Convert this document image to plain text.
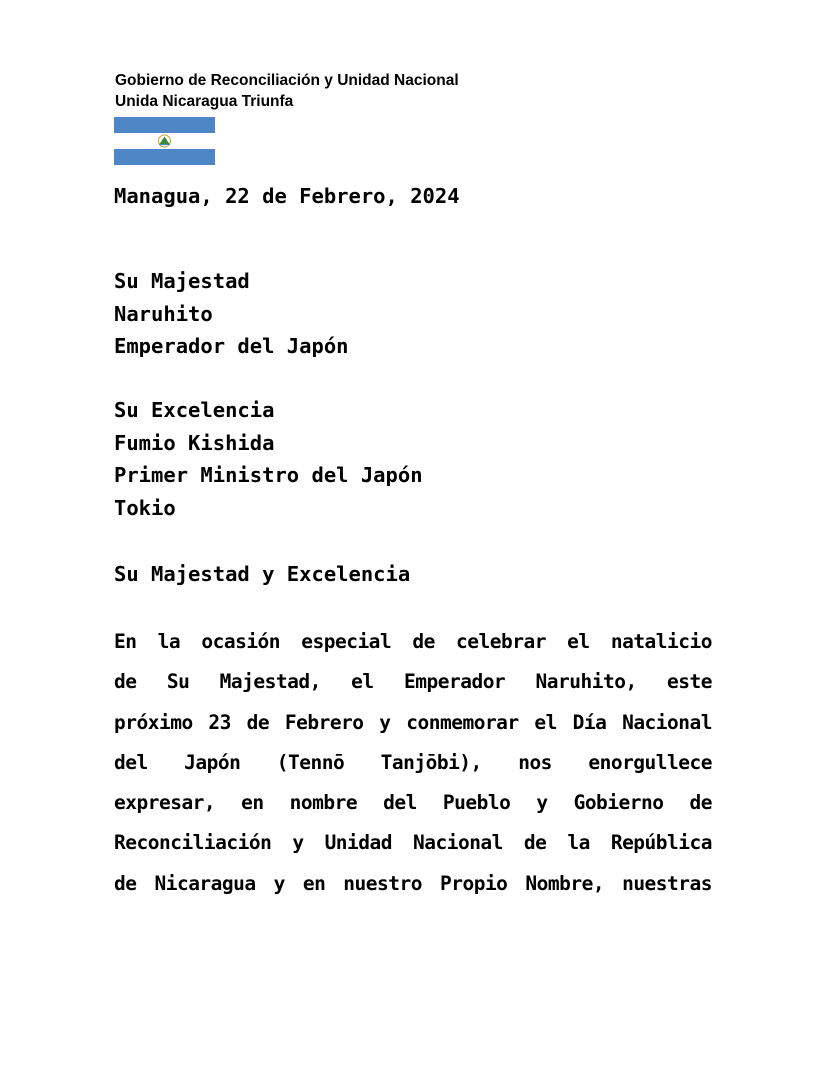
Gobierno de Reconciliación y Unidad Nacional
Unida Nicaragua Triunfa
Managua, 22 de Febrero, 2024
Su Majestad
Naruhito
Emperador del Japón
Su Excelencia
Fumio Kishida
Primer Ministro del Japón
Tokio
Su Majestad y Excelencia
En la ocasión especial de celebrar el natalicio
de Su Majestad, el Emperador Naruhito, este
próximo 23 de Febrero y conmemorar el Día Nacional
del Japón (Tennō Tanjōbi), nos enorgullece
expresar, en nombre del Pueblo y Gobierno de
Reconciliación y Unidad Nacional de la República
de Nicaragua y en nuestro Propio Nombre, nuestras
